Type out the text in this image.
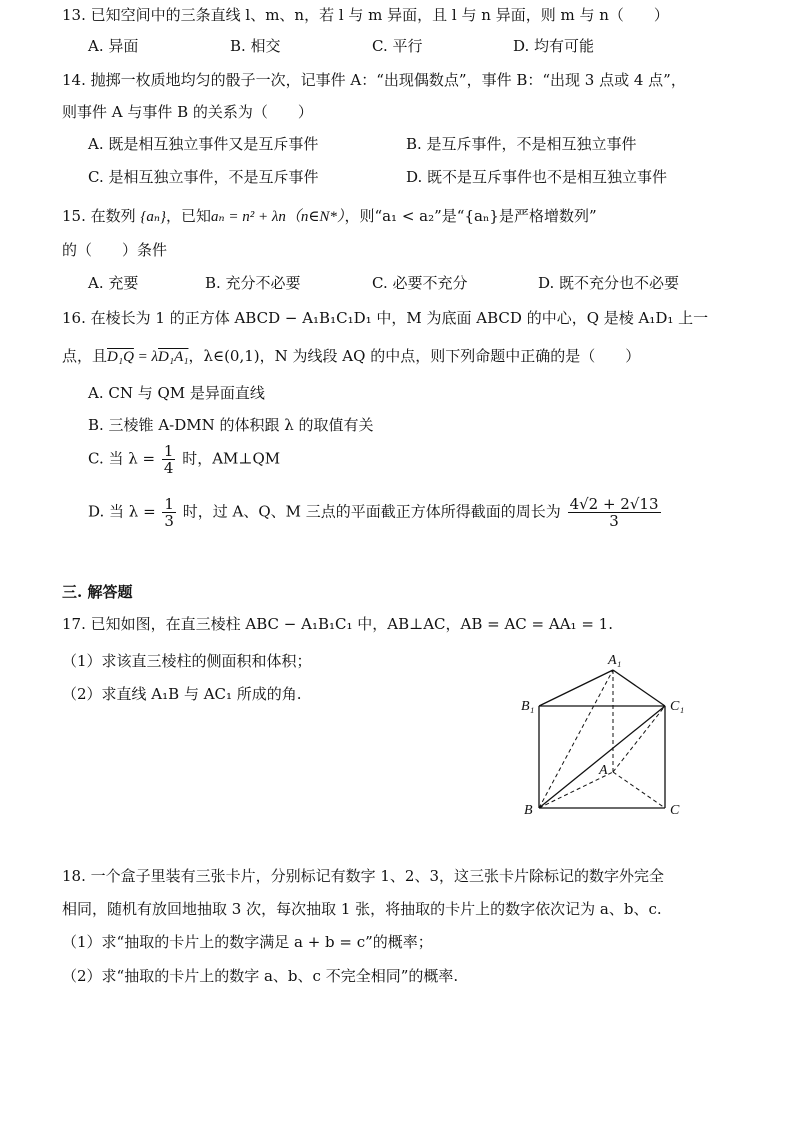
13. 已知空间中的三条直线 l、m、n，若 l 与 m 异面，且 l 与 n 异面，则 m 与 n（　　）
A. 异面	B. 相交	C. 平行	D. 均有可能
14. 抛掷一枚质地均匀的骰子一次，记事件 A：“出现偶数点”，事件 B：“出现 3 点或 4 点”，
则事件 A 与事件 B 的关系为（　　）
A. 既是相互独立事件又是互斥事件	B. 是互斥事件，不是相互独立事件
C. 是相互独立事件，不是互斥事件	D. 既不是互斥事件也不是相互独立事件
15. 在数列 {aₙ}，已知aₙ = n² + λn（n∈N*），则“a₁ < a₂”是“{aₙ}是严格增数列”
的（　　）条件
A. 充要	B. 充分不必要	C. 必要不充分	D. 既不充分也不必要
16. 在棱长为 1 的正方体 ABCD − A₁B₁C₁D₁ 中，M 为底面 ABCD 的中心，Q 是棱 A₁D₁ 上一
点，且D₁Q = λD₁A₁，λ∈(0,1)，N 为线段 AQ 的中点，则下列命题中正确的是（　　）
A. CN 与 QM 是异面直线
B. 三棱锥 A-DMN 的体积跟 λ 的取值有关
C. 当 $\lambda = \frac{1}{4}$ 时，AM⊥QM
D. 当 $\lambda = \frac{1}{3}$ 时，过 A、Q、M 三点的平面截正方体所得截面的周长为 $\frac{4√2 + 2√13}{3}$
三. 解答题
17. 已知如图，在直三棱柱 ABC − A₁B₁C₁ 中，AB⊥AC，AB = AC = AA₁ = 1.
（1）求该直三棱柱的侧面积和体积；
（2）求直线 A₁B 与 AC₁ 所成的角.
A₁
B₁	C₁
A
B	C
18. 一个盒子里装有三张卡片，分别标记有数字 1、2、3，这三张卡片除标记的数字外完全
相同，随机有放回地抽取 3 次，每次抽取 1 张，将抽取的卡片上的数字依次记为 a、b、c.
（1）求“抽取的卡片上的数字满足 a + b = c”的概率；
（2）求“抽取的卡片上的数字 a、b、c 不完全相同”的概率.
